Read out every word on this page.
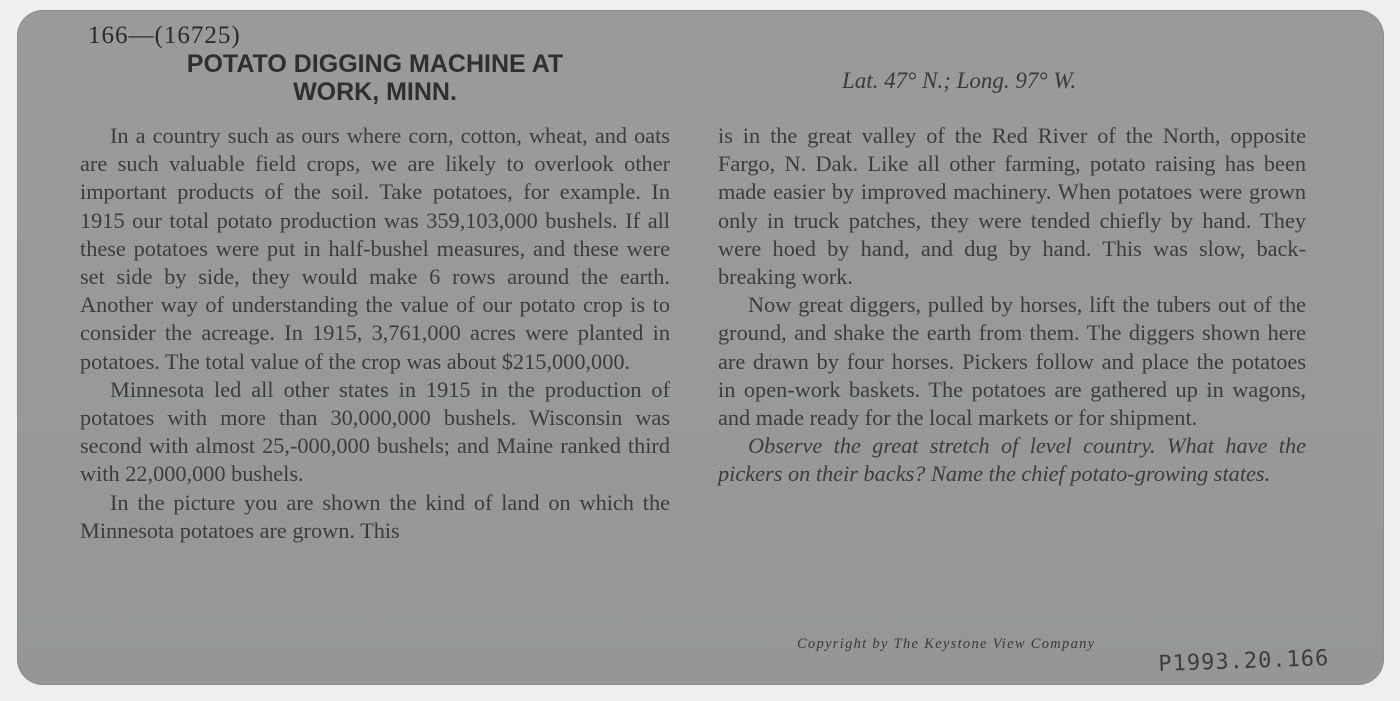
166—(16725)
POTATO DIGGING MACHINE AT
WORK, MINN.	Lat. 47° N.; Long. 97° W.

In a country such as ours where corn, cotton, wheat, and oats are such valuable field crops, we are likely to overlook other important products of the soil. Take potatoes, for example. In 1915 our total potato production was 359,103,000 bushels. If all these potatoes were put in half-bushel measures, and these were set side by side, they would make 6 rows around the earth. Another way of understanding the value of our potato crop is to consider the acreage. In 1915, 3,761,000 acres were planted in potatoes. The total value of the crop was about $215,000,000.

Minnesota led all other states in 1915 in the production of potatoes with more than 30,000,000 bushels. Wisconsin was second with almost 25,-000,000 bushels; and Maine ranked third with 22,000,000 bushels.

In the picture you are shown the kind of land on which the Minnesota potatoes are grown. This

is in the great valley of the Red River of the North, opposite Fargo, N. Dak. Like all other farming, potato raising has been made easier by improved machinery. When potatoes were grown only in truck patches, they were tended chiefly by hand. They were hoed by hand, and dug by hand. This was slow, back-breaking work.

Now great diggers, pulled by horses, lift the tubers out of the ground, and shake the earth from them. The diggers shown here are drawn by four horses. Pickers follow and place the potatoes in open-work baskets. The potatoes are gathered up in wagons, and made ready for the local markets or for shipment.

Observe the great stretch of level country. What have the pickers on their backs? Name the chief potato-growing states.

Copyright by The Keystone View Company
P1993.20.166
